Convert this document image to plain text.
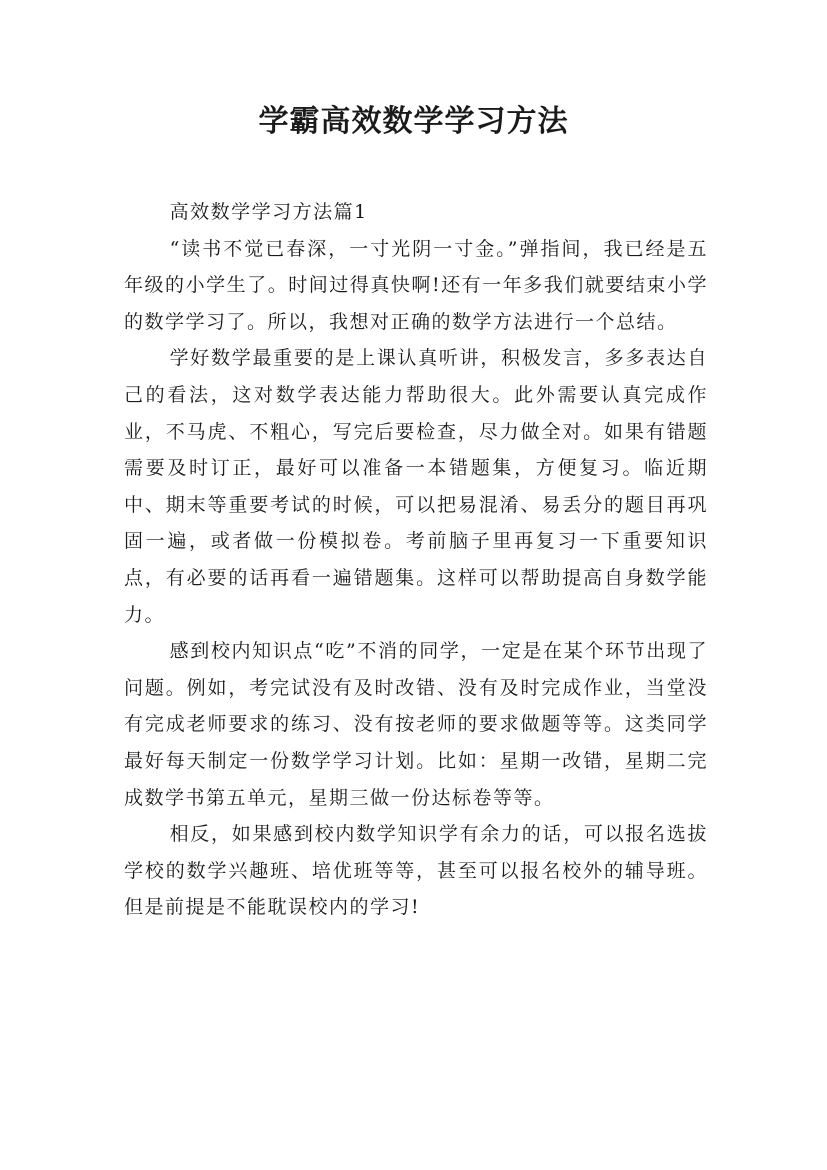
学霸高效数学学习方法

高效数学学习方法篇1

“读书不觉已春深，一寸光阴一寸金。”弹指间，我已经是五年级的小学生了。时间过得真快啊!还有一年多我们就要结束小学的数学学习了。所以，我想对正确的数学方法进行一个总结。

学好数学最重要的是上课认真听讲，积极发言，多多表达自己的看法，这对数学表达能力帮助很大。此外需要认真完成作业，不马虎、不粗心，写完后要检查，尽力做全对。如果有错题需要及时订正，最好可以准备一本错题集，方便复习。临近期中、期末等重要考试的时候，可以把易混淆、易丢分的题目再巩固一遍，或者做一份模拟卷。考前脑子里再复习一下重要知识点，有必要的话再看一遍错题集。这样可以帮助提高自身数学能力。

感到校内知识点“吃”不消的同学，一定是在某个环节出现了问题。例如，考完试没有及时改错、没有及时完成作业，当堂没有完成老师要求的练习、没有按老师的要求做题等等。这类同学最好每天制定一份数学学习计划。比如：星期一改错，星期二完成数学书第五单元，星期三做一份达标卷等等。

相反，如果感到校内数学知识学有余力的话，可以报名选拔学校的数学兴趣班、培优班等等，甚至可以报名校外的辅导班。但是前提是不能耽误校内的学习!
